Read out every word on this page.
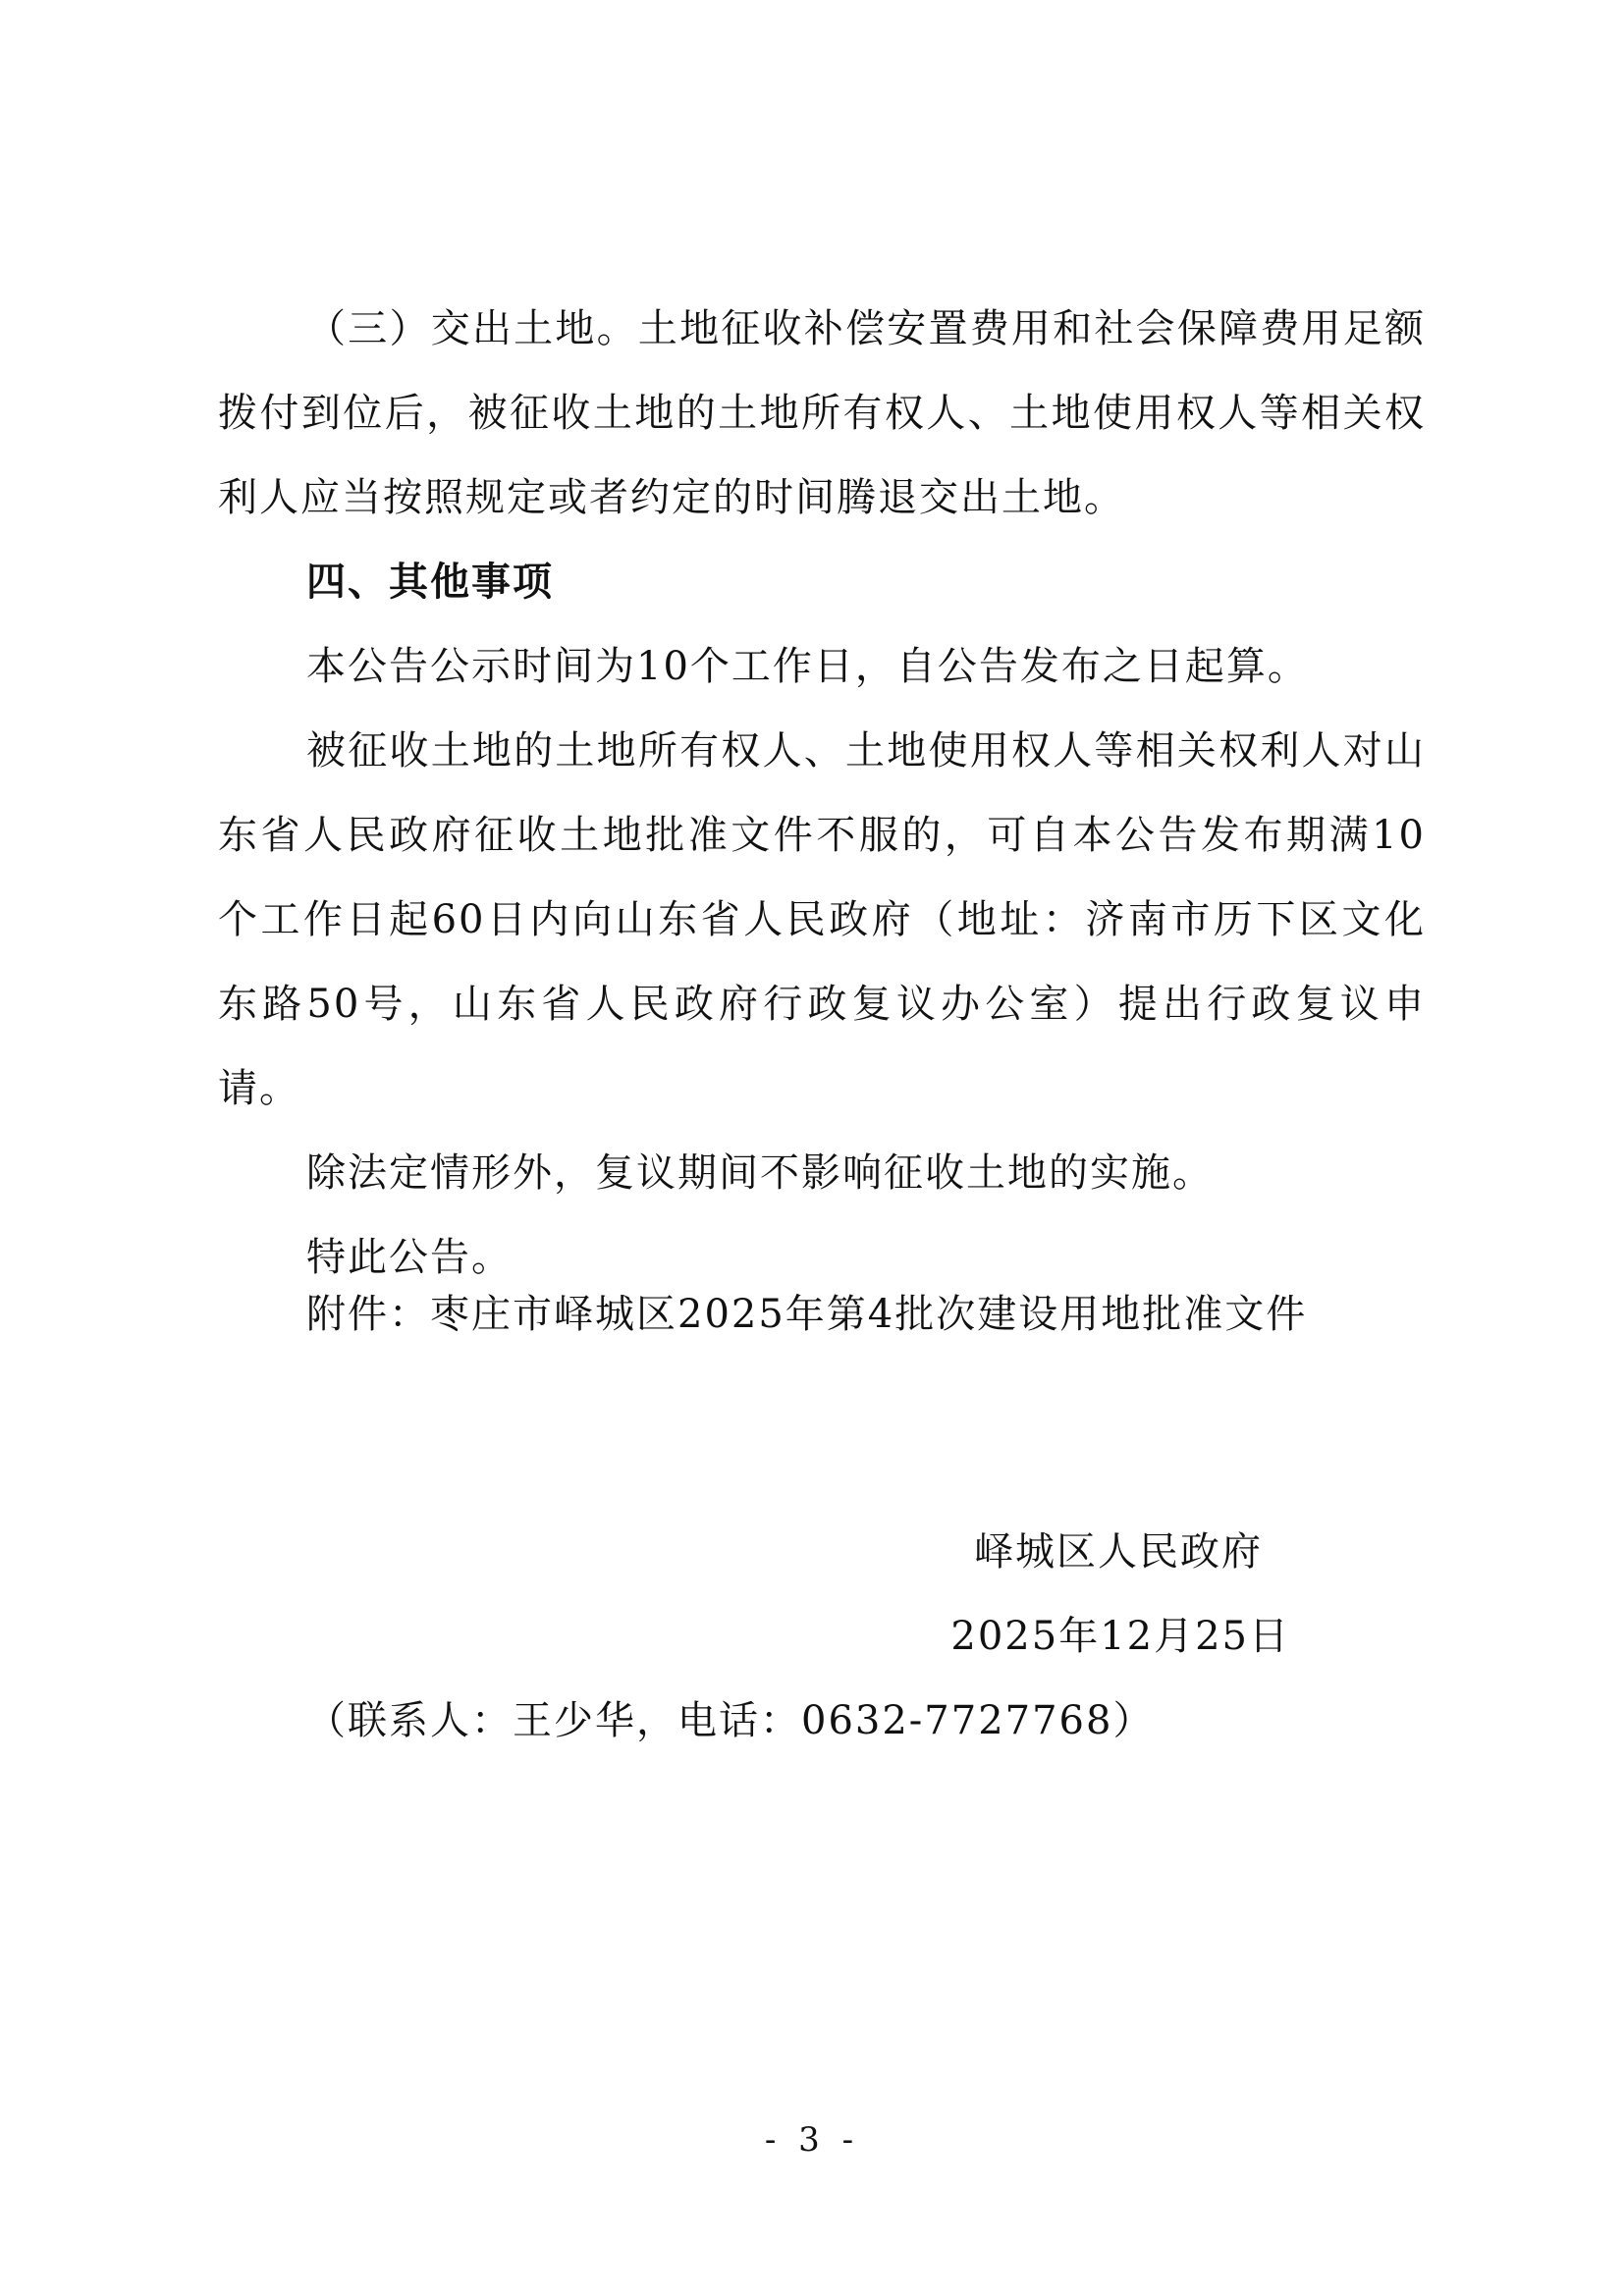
（三）交出土地。土地征收补偿安置费用和社会保障费用足额拨付到位后，被征收土地的土地所有权人、土地使用权人等相关权利人应当按照规定或者约定的时间腾退交出土地。

四、其他事项

本公告公示时间为10个工作日，自公告发布之日起算。

被征收土地的土地所有权人、土地使用权人等相关权利人对山东省人民政府征收土地批准文件不服的，可自本公告发布期满10个工作日起60日内向山东省人民政府（地址：济南市历下区文化东路50号，山东省人民政府行政复议办公室）提出行政复议申请。

除法定情形外，复议期间不影响征收土地的实施。

特此公告。

附件：枣庄市峄城区2025年第4批次建设用地批准文件
峄城区人民政府
2025年12月25日
（联系人：王少华，电话：0632-7727768）
- 3 -
